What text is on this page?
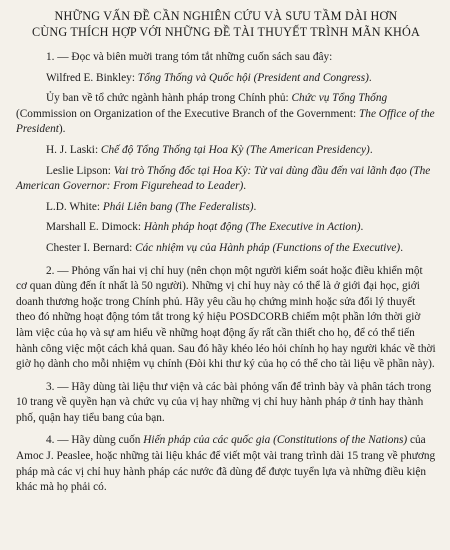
NHỮNG VẤN ĐỀ CẦN NGHIÊN CỨU VÀ SƯU TẦM DÀI HƠN
CÙNG THÍCH HỢP VỚI NHỮNG ĐỀ TÀI THUYẾT TRÌNH MÃN KHÓA

1. — Đọc và biên muời trang tóm tắt những cuốn sách sau đây:

Wilfred E. Binkley: Tổng Thống và Quốc hội (President and Congress).

Ủy ban về tổ chức ngành hành pháp trong Chính phủ: Chức vụ Tổng Thống (Commission on Organization of the Executive Branch of the Government: The Office of the President).

H. J. Laski: Chế độ Tổng Thống tại Hoa Kỳ (The American Presidency).

Leslie Lipson: Vai trò Thống đốc tại Hoa Kỳ: Từ vai dùng đầu đến vai lãnh đạo (The American Governor: From Figurehead to Leader).

L.D. White: Phái Liên bang (The Federalists).

Marshall E. Dimock: Hành pháp hoạt động (The Executive in Action).

Chester I. Bernard: Các nhiệm vụ của Hành pháp (Functions of the Executive).

2. — Phỏng vấn hai vị chỉ huy (nên chọn một người kiểm soát hoặc điều khiển một cơ quan dùng đến ít nhất là 50 người). Những vị chỉ huy này có thể là ở giới đại học, giới doanh thương hoặc trong Chính phủ. Hãy yêu cầu họ chứng minh hoặc sửa đổi lý thuyết theo đó những hoạt động tóm tắt trong ký hiệu POSDCORB chiếm một phần lớn thời giờ làm việc của họ và sự am hiểu về những hoạt động ấy rất cần thiết cho họ, để có thể tiến hành công việc một cách khả quan. Sau đó hãy khéo léo hỏi chính họ hay người khác về thời giờ họ dành cho mỗi nhiệm vụ chính (Đòi khi thư ký của họ có thể cho tài liệu về phần này).

3. — Hãy dùng tài liệu thư viện và các bài phỏng vấn để trình bày và phân tách trong 10 trang về quyền hạn và chức vụ của vị hay những vị chỉ huy hành pháp ở tỉnh hay thành phố, quận hay tiểu bang của bạn.

4. — Hãy dùng cuốn Hiến pháp của các quốc gia (Constitutions of the Nations) của Amoc J. Peaslee, hoặc những tài liệu khác để viết một vài trang trình dài 15 trang về phương pháp mà các vị chỉ huy hành pháp các nước đã dùng để được tuyển lựa và những điều kiện khác mà họ phải có.
